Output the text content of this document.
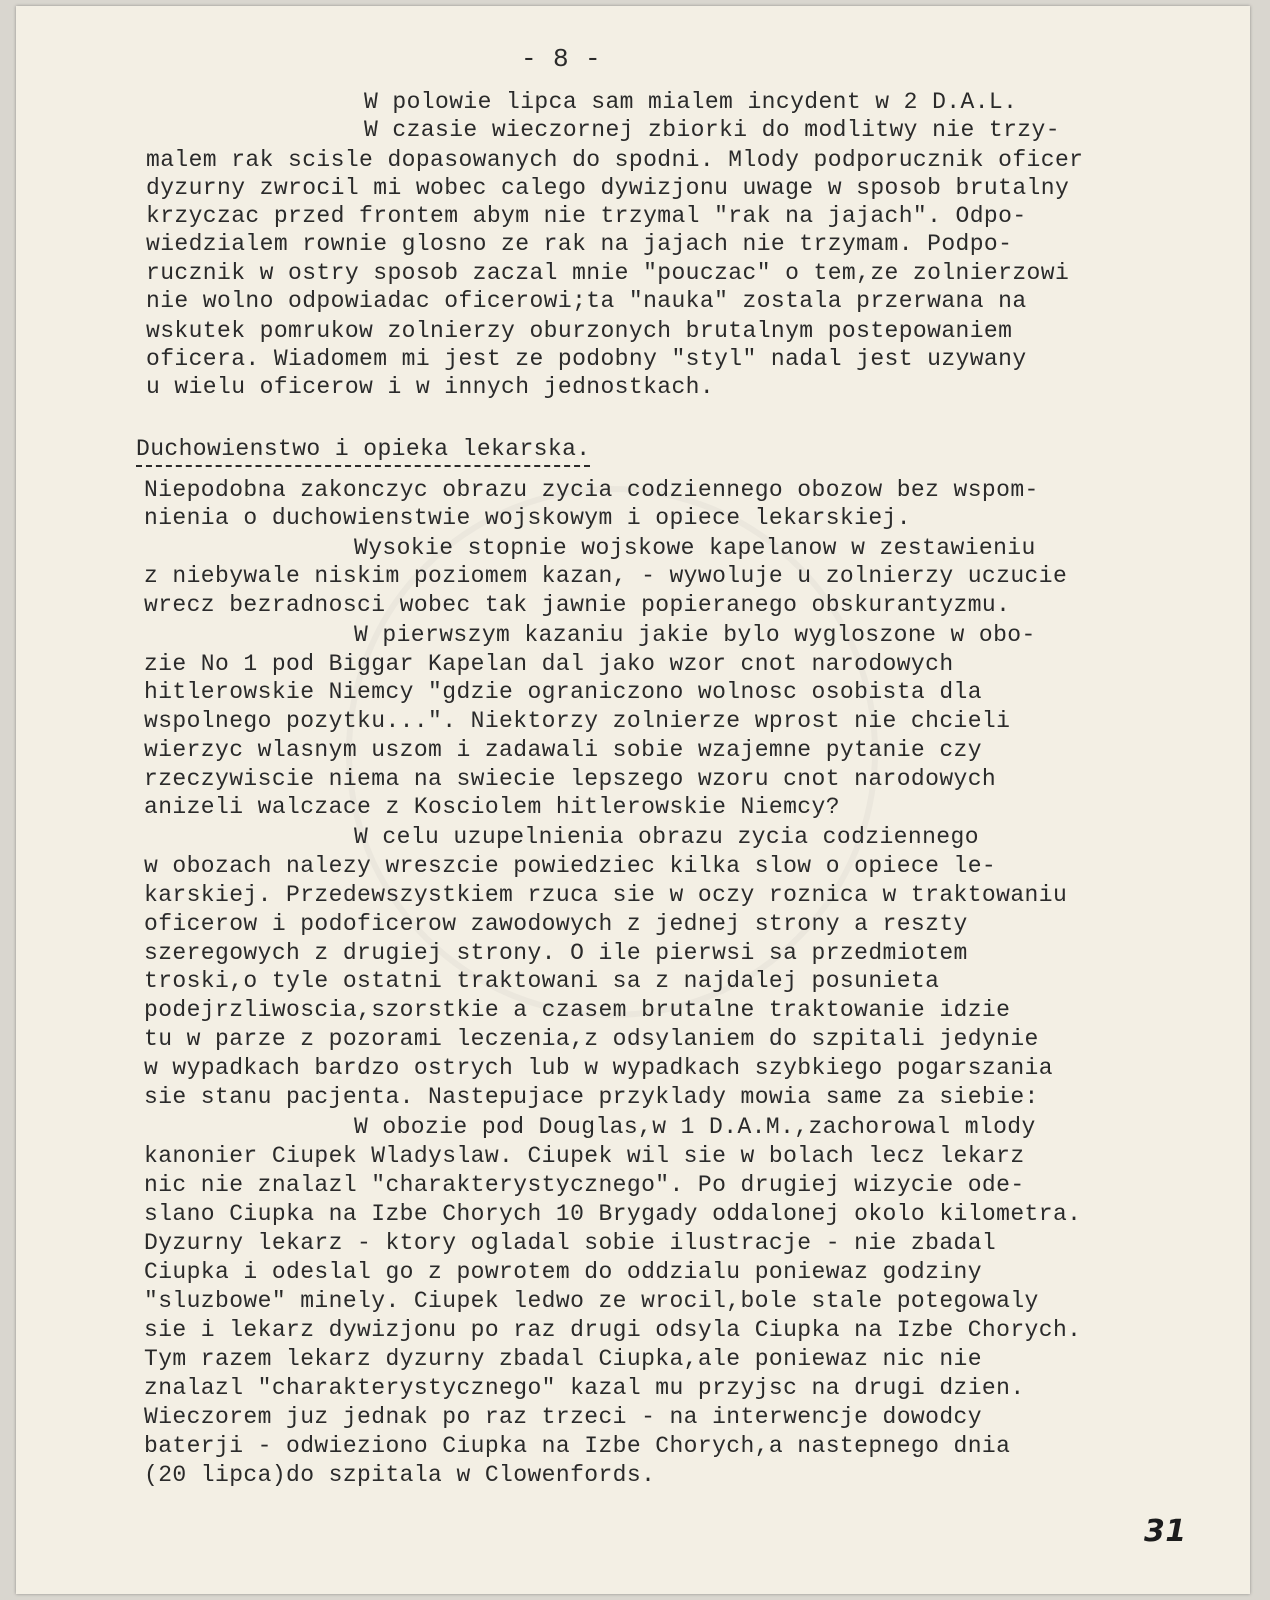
- 8 -
W polowie lipca sam mialem incydent w 2 D.A.L.
W czasie wieczornej zbiorki do modlitwy nie trzy-
malem rak scisle dopasowanych do spodni. Mlody podporucznik oficer
dyzurny zwrocil mi wobec calego dywizjonu uwage w sposob brutalny
krzyczac przed frontem abym nie trzymal "rak na jajach". Odpo-
wiedzialem rownie glosno ze rak na jajach nie trzymam. Podpo-
rucznik w ostry sposob zaczal mnie "pouczac" o tem,ze zolnierzowi
nie wolno odpowiadac oficerowi;ta "nauka" zostala przerwana na
wskutek pomrukow zolnierzy oburzonych brutalnym postepowaniem
oficera. Wiadomem mi jest ze podobny "styl" nadal jest uzywany
u wielu oficerow i w innych jednostkach.
Duchowienstwo i opieka lekarska.
Niepodobna zakonczyc obrazu zycia codziennego obozow bez wspom-
nienia o duchowienstwie wojskowym i opiece lekarskiej.
Wysokie stopnie wojskowe kapelanow w zestawieniu
z niebywale niskim poziomem kazan, - wywoluje u zolnierzy uczucie
wrecz bezradnosci wobec tak jawnie popieranego obskurantyzmu.
W pierwszym kazaniu jakie bylo wygloszone w obo-
zie No 1 pod Biggar Kapelan dal jako wzor cnot narodowych
hitlerowskie Niemcy "gdzie ograniczono wolnosc osobista dla
wspolnego pozytku...". Niektorzy zolnierze wprost nie chcieli
wierzyc wlasnym uszom i zadawali sobie wzajemne pytanie czy
rzeczywiscie niema na swiecie lepszego wzoru cnot narodowych
anizeli walczace z Kosciolem hitlerowskie Niemcy?
W celu uzupelnienia obrazu zycia codziennego
w obozach nalezy wreszcie powiedziec kilka slow o opiece le-
karskiej. Przedewszystkiem rzuca sie w oczy roznica w traktowaniu
oficerow i podoficerow zawodowych z jednej strony a reszty
szeregowych z drugiej strony. O ile pierwsi sa przedmiotem
troski,o tyle ostatni traktowani sa z najdalej posunieta
podejrzliwoscia,szorstkie a czasem brutalne traktowanie idzie
tu w parze z pozorami leczenia,z odsylaniem do szpitali jedynie
w wypadkach bardzo ostrych lub w wypadkach szybkiego pogarszania
sie stanu pacjenta. Nastepujace przyklady mowia same za siebie:
W obozie pod Douglas,w 1 D.A.M.,zachorowal mlody
kanonier Ciupek Wladyslaw. Ciupek wil sie w bolach lecz lekarz
nic nie znalazl "charakterystycznego". Po drugiej wizycie ode-
slano Ciupka na Izbe Chorych 10 Brygady oddalonej okolo kilometra.
Dyzurny lekarz - ktory ogladal sobie ilustracje - nie zbadal
Ciupka i odeslal go z powrotem do oddzialu poniewaz godziny
"sluzbowe" minely. Ciupek ledwo ze wrocil,bole stale potegowaly
sie i lekarz dywizjonu po raz drugi odsyla Ciupka na Izbe Chorych.
Tym razem lekarz dyzurny zbadal Ciupka,ale poniewaz nic nie
znalazl "charakterystycznego" kazal mu przyjsc na drugi dzien.
Wieczorem juz jednak po raz trzeci - na interwencje dowodcy
baterji - odwieziono Ciupka na Izbe Chorych,a nastepnego dnia
(20 lipca)do szpitala w Clowenfords.
31
